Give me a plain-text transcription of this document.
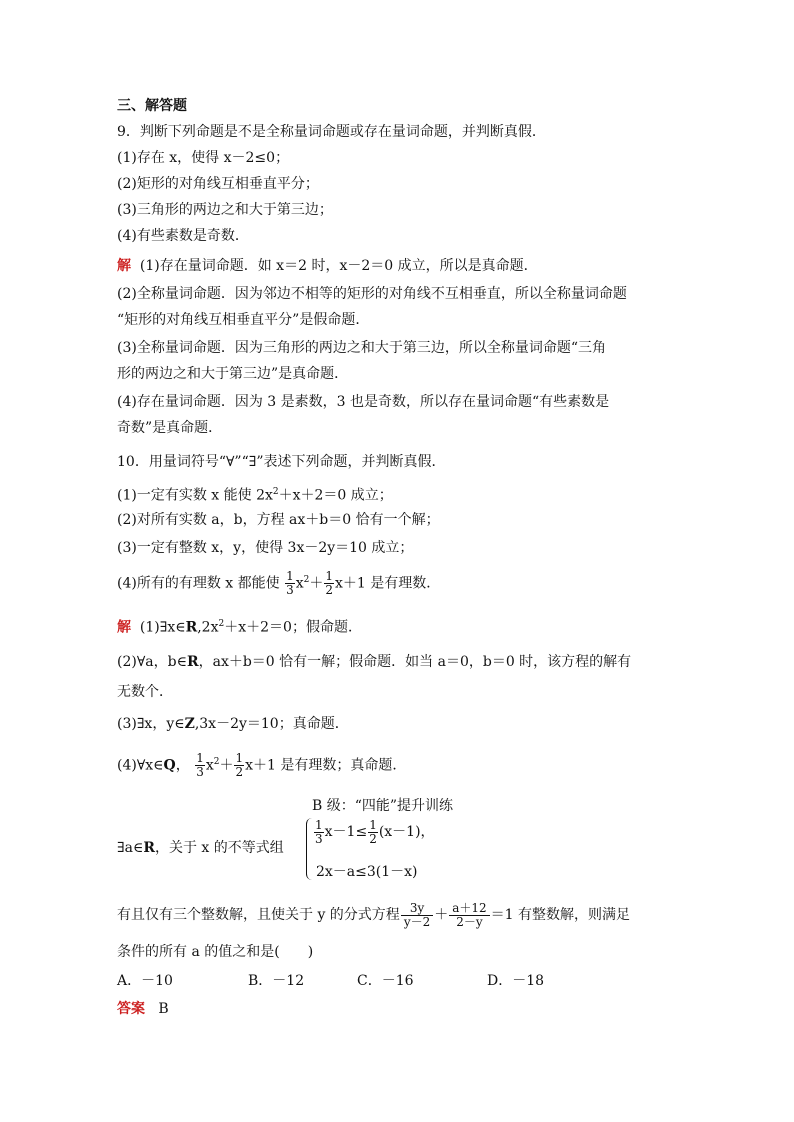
三、解答题
9．判断下列命题是不是全称量词命题或存在量词命题，并判断真假．
(1)存在 x，使得 x－2≤0；
(2)矩形的对角线互相垂直平分；
(3)三角形的两边之和大于第三边；
(4)有些素数是奇数．
解 (1)存在量词命题．如 x＝2 时，x－2＝0 成立，所以是真命题．
(2)全称量词命题．因为邻边不相等的矩形的对角线不互相垂直，所以全称量词命题
“矩形的对角线互相垂直平分”是假命题．
(3)全称量词命题．因为三角形的两边之和大于第三边，所以全称量词命题“三角
形的两边之和大于第三边”是真命题．
(4)存在量词命题．因为 3 是素数，3 也是奇数，所以存在量词命题“有些素数是
奇数”是真命题．
10．用量词符号“∀”“∃”表述下列命题，并判断真假．
(1)一定有实数 x 能使 $2x^2+x+2=0$ 成立；
(2)对所有实数 a，b，方程 ax＋b＝0 恰有一个解；
(3)一定有整数 x，y，使得 3x－2y＝10 成立；
(4)所有的有理数 x 都能使 $\frac{1}{3} x^2+ \frac{1}{2} x+1$ 是有理数．
解 $(1)\exists x\in R,2x^2+x+2=0$；假命题．
(2)∀a，b∈R，ax＋b＝0 恰有一解；假命题．如当 a＝0，b＝0 时，该方程的解有
无数个．
(3)∃x，y∈Z,3x－2y＝10；真命题．
(4)∀x∈Q， $\frac{1}{3} x^2+ \frac{1}{2} x+1$ 是有理数；真命题．
B 级：“四能”提升训练
∃a∈R，关于 x 的不等式组
$\frac{1}{3} x-1\le \frac{1}{2} (x-1)$，
2x－a≤3(1－x)
有且仅有三个整数解，且使关于 y 的分式方程 $\frac{3y}{y-2} + \frac{a+12}{2-y} =1$ 有整数解，则满足
条件的所有 a 的值之和是(　　)
A．－10	B．－12	C．－16	D．－18
答案 B
